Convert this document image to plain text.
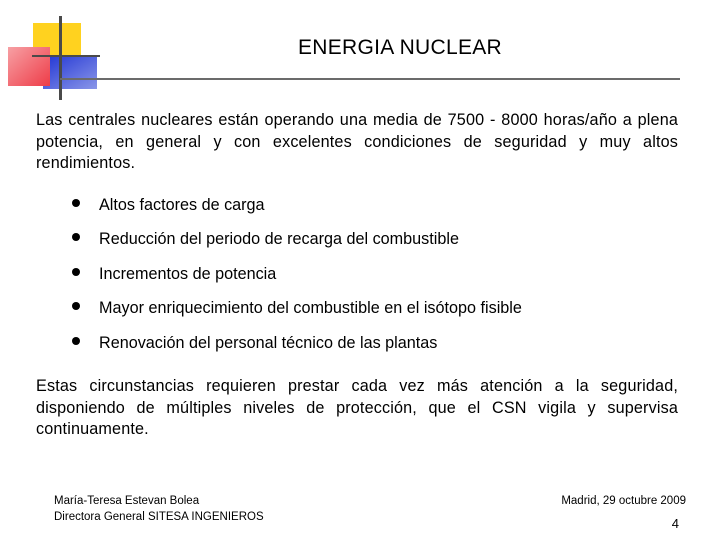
ENERGIA NUCLEAR
Las centrales nucleares están operando una media de 7500 - 8000 horas/año a plena potencia, en general y con excelentes condiciones de seguridad y muy altos rendimientos.
Altos factores de carga
Reducción del periodo de recarga del combustible
Incrementos de potencia
Mayor enriquecimiento del combustible en el isótopo fisible
Renovación del personal técnico de las plantas
Estas circunstancias requieren prestar cada vez más atención a la seguridad, disponiendo de múltiples niveles de protección, que el CSN vigila y supervisa continuamente.
María-Teresa Estevan Bolea
Directora General SITESA INGENIEROS
Madrid, 29 octubre 2009
4
